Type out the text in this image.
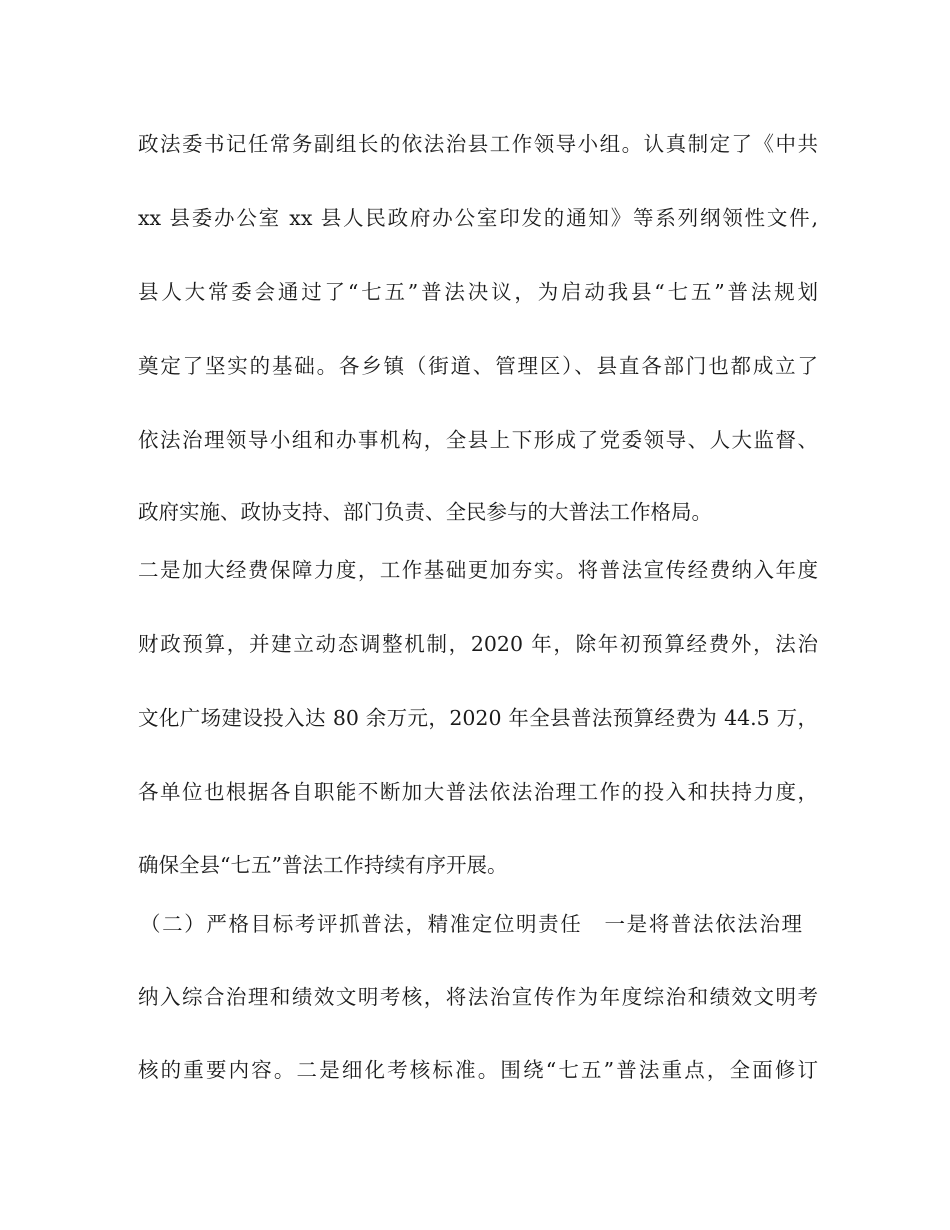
政法委书记任常务副组长的依法治县工作领导小组。认真制定了《中共
xx 县委办公室 xx 县人民政府办公室印发的通知》等系列纲领性文件,
县人大常委会通过了“七五”普法决议，为启动我县“七五”普法规划
奠定了坚实的基础。各乡镇（街道、管理区）、县直各部门也都成立了
依法治理领导小组和办事机构，全县上下形成了党委领导、人大监督、
政府实施、政协支持、部门负责、全民参与的大普法工作格局。
二是加大经费保障力度，工作基础更加夯实。将普法宣传经费纳入年度
财政预算，并建立动态调整机制，2020 年，除年初预算经费外，法治
文化广场建设投入达 80 余万元，2020 年全县普法预算经费为 44.5 万，
各单位也根据各自职能不断加大普法依法治理工作的投入和扶持力度，
确保全县“七五”普法工作持续有序开展。
（二）严格目标考评抓普法，精准定位明责任　一是将普法依法治理
纳入综合治理和绩效文明考核，将法治宣传作为年度综治和绩效文明考
核的重要内容。二是细化考核标准。围绕“七五”普法重点，全面修订
